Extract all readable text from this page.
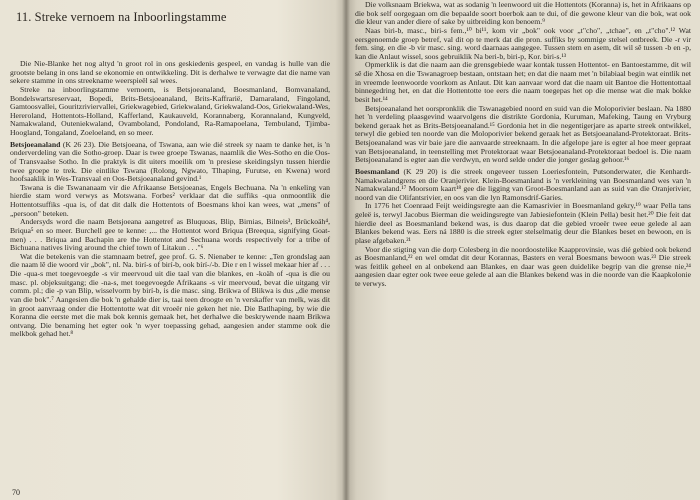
11. Streke vernoem na Inboorlingstamme

Die Nie-Blanke het nog altyd 'n groot rol in ons geskiedenis gespeel, en vandag is hulle van die grootste belang in ons land se ekonomie en ontwikkeling. Dit is derhalwe te verwagte dat die name van sekere stamme in ons streekname weerspieël sal wees.

Streke na inboorlingstamme vernoem, is Betsjoeanaland, Boesmanland, Bomvanaland, Bondelswartsreservaat, Bopedi, Brits-Betsjoeanaland, Brits-Kaffrarië, Damaraland, Fingoland, Gamtoosvallei, Gouritzriviervallei, Griekwagebied, Griekwaland, Griekwaland-Oos, Griekwaland-Wes, Hereroland, Hottentots-Holland, Kafferland, Kaukauveld, Korannaberg, Korannaland, Kungveld, Namakwaland, Outeniekwaland, Ovamboland, Pondoland, Ra-Ramapoelana, Tembuland, Tjimba-Hoogland, Tongaland, Zoeloeland, en so meer.

Betsjoeanaland (K 26 23). Die Betsjoeana, of Tswana, aan wie dié streek sy naam te danke het, is 'n onderverdeling van die Sotho-groep. Daar is twee groepe Tswanas, naamlik die Wes-Sotho en die Oos- of Transvaalse Sotho. In die praktyk is dit uiters moeilik om 'n presiese skeidingslyn tussen hierdie twee groepe te trek. Die eintlike Tswana (Rolong, Ngwato, Tlhaping, Furutse, en Kwena) word hoofsaaklik in Wes-Transvaal en Oos-Betsjoeanaland gevind.¹

Tswana is die Tswananaam vir die Afrikaanse Betsjoeanas, Engels Bechuana. Na 'n enkeling van hierdie stam word verwys as Motswana. Forbes² verklaar dat die suffiks -qua onmoontlik die Hottentotsuffiks -qua is, of dat dit dalk die Hottentots of Boesmans khoi kan wees, wat „mens" of „persoon" beteken.

Andersyds word die naam Betsjoeana aangetref as Bluquoas, Blip, Birnias, Bilneis³, Brückoäh⁴, Briqua⁵ en so meer. Burchell gee te kenne: ,... the Hottentot word Briqua (Breequa, signifying Goat-men) . . . Briqua and Bachapin are the Hottentot and Sechuana words respectively for a tribe of Bichuana natives living around the chief town of Litakun . . ."⁶

Wat die betekenis van die stamnaam betref, gee prof. G. S. Nienaber te kenne: „Ten grondslag aan die naam lê die woord vir „bok", nl. Na. birí-s of birí-b, ook bírí-/-b. Die r en l wissel mekaar hier af . . . Die -qua-s met toegevoegde -s vir meervoud uit die taal van die blankes, en -koäh of -qua is die ou masc. pl. objeksuitgang; die -na-s, met toegevoegde Afrikaans -s vir meervoud, bevat die uitgang vir comm. pl.; die -p van Blip, wisselvorm by birí-b, is die masc. sing. Brikwa of Blikwa is dus „die mense van die bok".⁷ Aangesien die bok 'n gehalde dier is, taai teen droogte en 'n verskaffer van melk, was dit in groot aanvraag onder die Hottentotte wat dit vroeër nie geken het nie. Die Batlhaping, by wie die Koranna die eerste met die mak bok kennis gemaak het, het derhalwe die beskrywende naam Brikwa ontvang. Die benaming het egter ook 'n wyer toepassing gehad, aangesien ander stamme ook die melkbok gehad het.⁸

70

Die volksnaam Briekwa, wat as sodanig 'n leenwoord uit die Hottentots (Koranna) is, het in Afrikaans op die bok self oorgegaan om die bepaalde soort boerbok aan te dui, of die gewone kleur van die bok, wat ook die kleur van ander diere of sake by uitbreiding kon benoem.⁹

Naas biri-b, masc., biri-s fem.,¹⁰ bi¹¹, kom vir „bok" ook voor „t"cho", „tchae", en „t"cho".¹² Wat eersgenoemde groep betref, val dit op te merk dat die pron. suffiks by sommige stelsel ontbreek. Die -r vir fem. sing. en die -b vir masc. sing. word daarnaas aangegee. Tussen stem en asem, dit wil sê tussen -b en -p, kan die Anlaut wissel, soos gebruiklik Na beri-b, biri-p, Kor. biri-s.¹³

Opmerklik is dat die naam aan die grensgebiede waar kontak tussen Hottentot- en Bantoestamme, dit wil sê die Xhosa en die Tswanagroep bestaan, ontstaan het; en dat die naam met 'n bilabiaal begin wat eintlik net in vreemde leenwoorde voorkom as Anlaut. Dit kan aanvaar word dat die naam uit Bantoe die Hottentottaal binnegedring het, en dat die Hottentotte toe eers die naam toegepas het op die mense wat die mak bokke besit het.¹⁴

Betsjoeanaland het oorspronklik die Tswanagebied noord en suid van die Moloporivier beslaan. Na 1880 het 'n verdeling plaasgevind waarvolgens die distrikte Gordonia, Kuruman, Mafeking, Taung en Vryburg bekend geraak het as Brits-Betsjoeanaland.¹⁵ Gordonia het in die negentigerjare as aparte streek ontwikkel, terwyl die gebied ten noorde van die Moloporivier bekend geraak het as Betsjoeanaland-Protektoraat. Brits-Betsjoeanaland was vir baie jare die aanvaarde streeknaam. In die afgelope jare is egter al hoe meer gepraat van Betsjoeanaland, in teenstelling met Protektoraat waar Betsjoeanaland-Protektoraat bedoel is. Die naam Betsjoeanaland is egter aan die verdwyn, en word selde onder die jonger geslag gehoor.¹⁶

Boesmanland (K 29 20) is die streek ongeveer tussen Loeriesfontein, Putsonderwater, die Kenhardt-Namakwalandgrens en die Oranjerivier. Klein-Boesmanland is 'n verkleining van Boesmanland wes van 'n Namakwaland.¹⁷ Moorsom kaart¹⁸ gee die ligging van Groot-Boesmanland aan as suid van die Oranjerivier, noord van die Olifantsrivier, en oos van die lyn Ramonsdrif-Garies.

In 1776 het Coenraad Feijt weidingsregte aan die Kamasrivier in Boesmanland gekry,¹⁹ waar Pella tans geleë is, terwyl Jacobus Bierman die weidingsregte van Jabiesiefontein (Klein Pella) besit het.²⁰ Die feit dat hierdie deel as Boesmanland bekend was, is dus daarop dat die gebied vroeër twee eeue gelede al aan Blankes bekend was. Eers ná 1880 is die streek egter stelselmatig deur die Blankes beset en bewoon, en is plase afgebaken.²¹

Voor die stigting van die dorp Colesberg in die noordoostelike Kaapprovinsie, was dié gebied ook bekend as Boesmanland,²² en wel omdat dit deur Korannas, Basters en veral Boesmans bewoon was.²³ Die streek was feitlik geheel en al onbekend aan Blankes, en daar was geen duidelike begrip van die grense nie,²⁴ aangesien daar egter ook twee eeue gelede al aan die Blankes bekend was in die noorde van die Kaapkolonie te verwys.
